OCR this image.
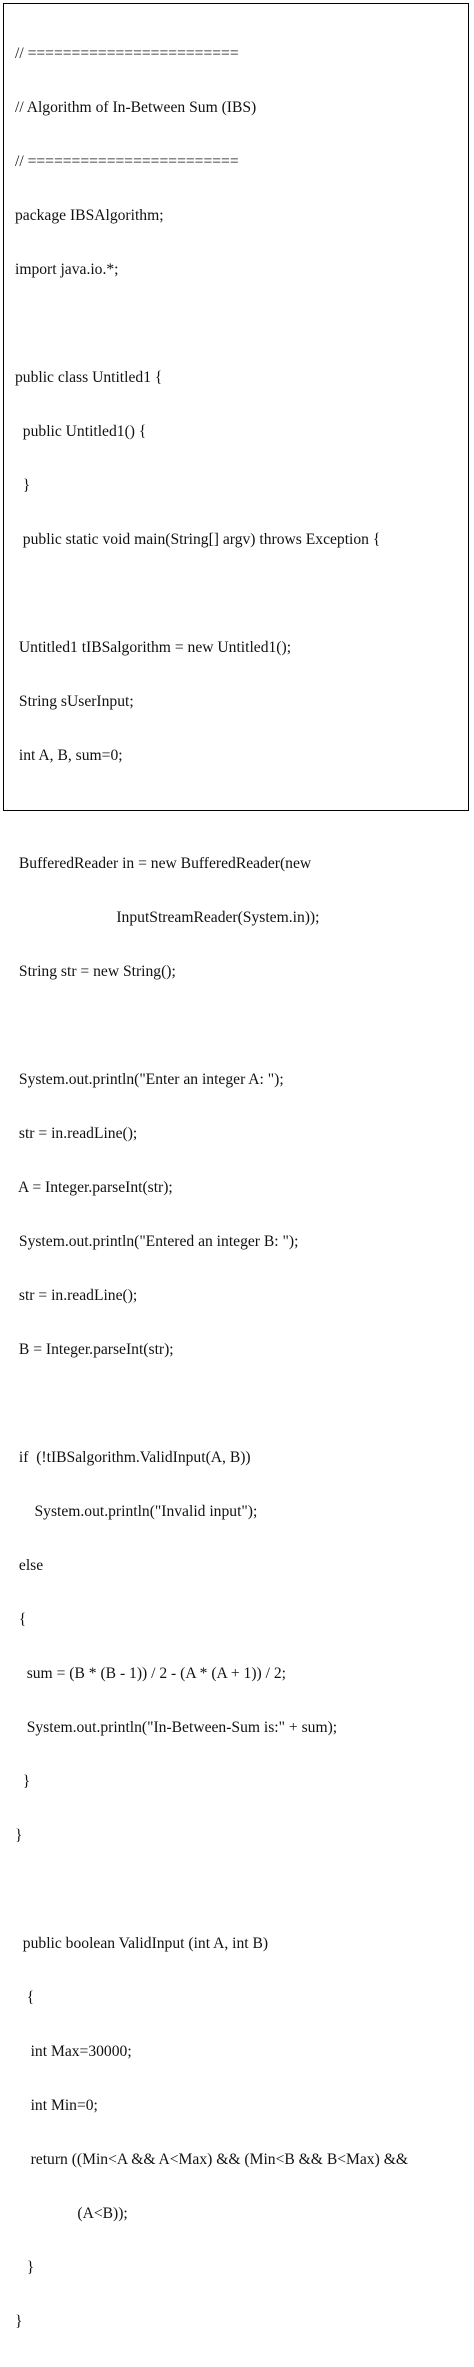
// ========================

// Algorithm of In-Between Sum (IBS)

// ========================

package IBSAlgorithm;

import java.io.*;

public class Untitled1 {

public Untitled1() {

}

public static void main(String[] argv) throws Exception {

Untitled1 tIBSalgorithm = new Untitled1();

String sUserInput;

int A, B, sum=0;

BufferedReader in = new BufferedReader(new

InputStreamReader(System.in));

String str = new String();

System.out.println("Enter an integer A: ");

str = in.readLine();

A = Integer.parseInt(str);

System.out.println("Entered an integer B: ");

str = in.readLine();

B = Integer.parseInt(str);

if  (!tIBSalgorithm.ValidInput(A, B))

System.out.println("Invalid input");

else

{

sum = (B * (B - 1)) / 2 - (A * (A + 1)) / 2;

System.out.println("In-Between-Sum is:" + sum);

}

}

public boolean ValidInput (int A, int B)

{

int Max=30000;

int Min=0;

return ((Min<A && A<Max) && (Min<B && B<Max) &&

(A<B));

}

}
